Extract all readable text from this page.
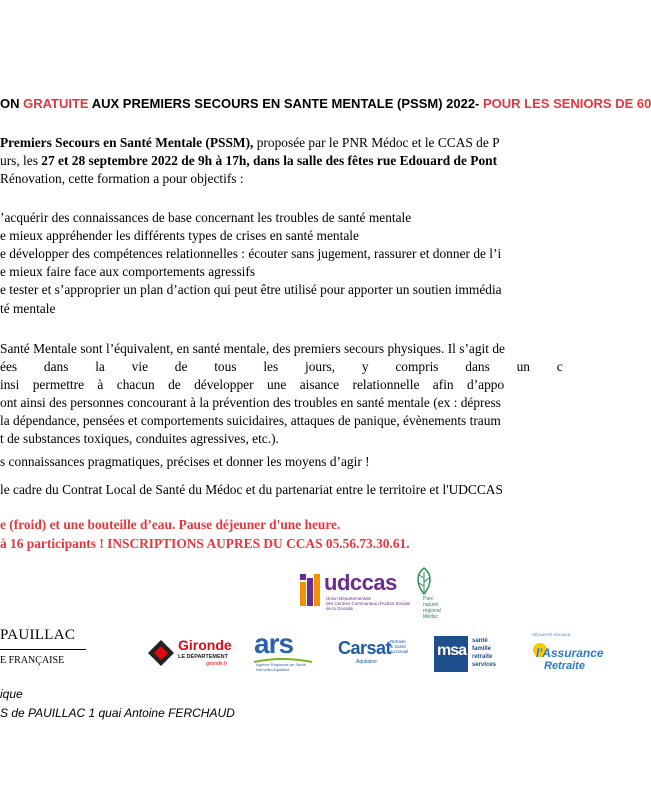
ON GRATUITE AUX PREMIERS SECOURS EN SANTE MENTALE (PSSM) 2022- POUR LES SENIORS DE 60
Premiers Secours en Santé Mentale (PSSM), proposée par le PNR Médoc et le CCAS de P
urs, les 27 et 28 septembre 2022 de 9h à 17h, dans la salle des fêtes rue Edouard de Pont
Rénovation, cette formation a pour objectifs :
’acquérir des connaissances de base concernant les troubles de santé mentale
e mieux appréhender les différents types de crises en santé mentale
e développer des compétences relationnelles : écouter sans jugement, rassurer et donner de l’i
e mieux faire face aux comportements agressifs
e tester et s’approprier un plan d’action qui peut être utilisé pour apporter un soutien immédia
té mentale
Santé Mentale sont l’équivalent, en santé mentale, des premiers secours physiques. Il s’agit de
ées        dans        la        vie        de        tous        les        jours,        y        compris        dans        un        c
insi    permettre    à    chacun    de    développer    une    aisance    relationnelle    afin    d’appo
ont ainsi des personnes concourant à la prévention des troubles en santé mentale (ex : dépress
la dépendance, pensées et comportements suicidaires, attaques de panique, évènements traum
t de substances toxiques, conduites agressives, etc.).
s connaissances pragmatiques, précises et donner les moyens d’agir !
le cadre du Contrat Local de Santé du Médoc et du partenariat entre le territoire et l'UDCCAS
e (froid) et une bouteille d’eau. Pause déjeuner d'une heure.
à 16 participants ! INSCRIPTIONS AUPRES DU CCAS 05.56.73.30.61.
udccas
Union Départementale
des Centres Communaux d'Action Sociale
de la Gironde
Parc
naturel
régional
Médoc
PAUILLAC
E FRANÇAISE
Gironde
LE DÉPARTEMENT
gironde.fr
ars
Agence Régionale de Santé
Nouvelle-Aquitaine
Carsat
Retraite
& Santé
au travail
Aquitaine
msa
santé
famille
retraite
services
SÉCURITÉ SOCIALE
l'Assurance
Retraite
ique
S de PAUILLAC 1 quai Antoine FERCHAUD
